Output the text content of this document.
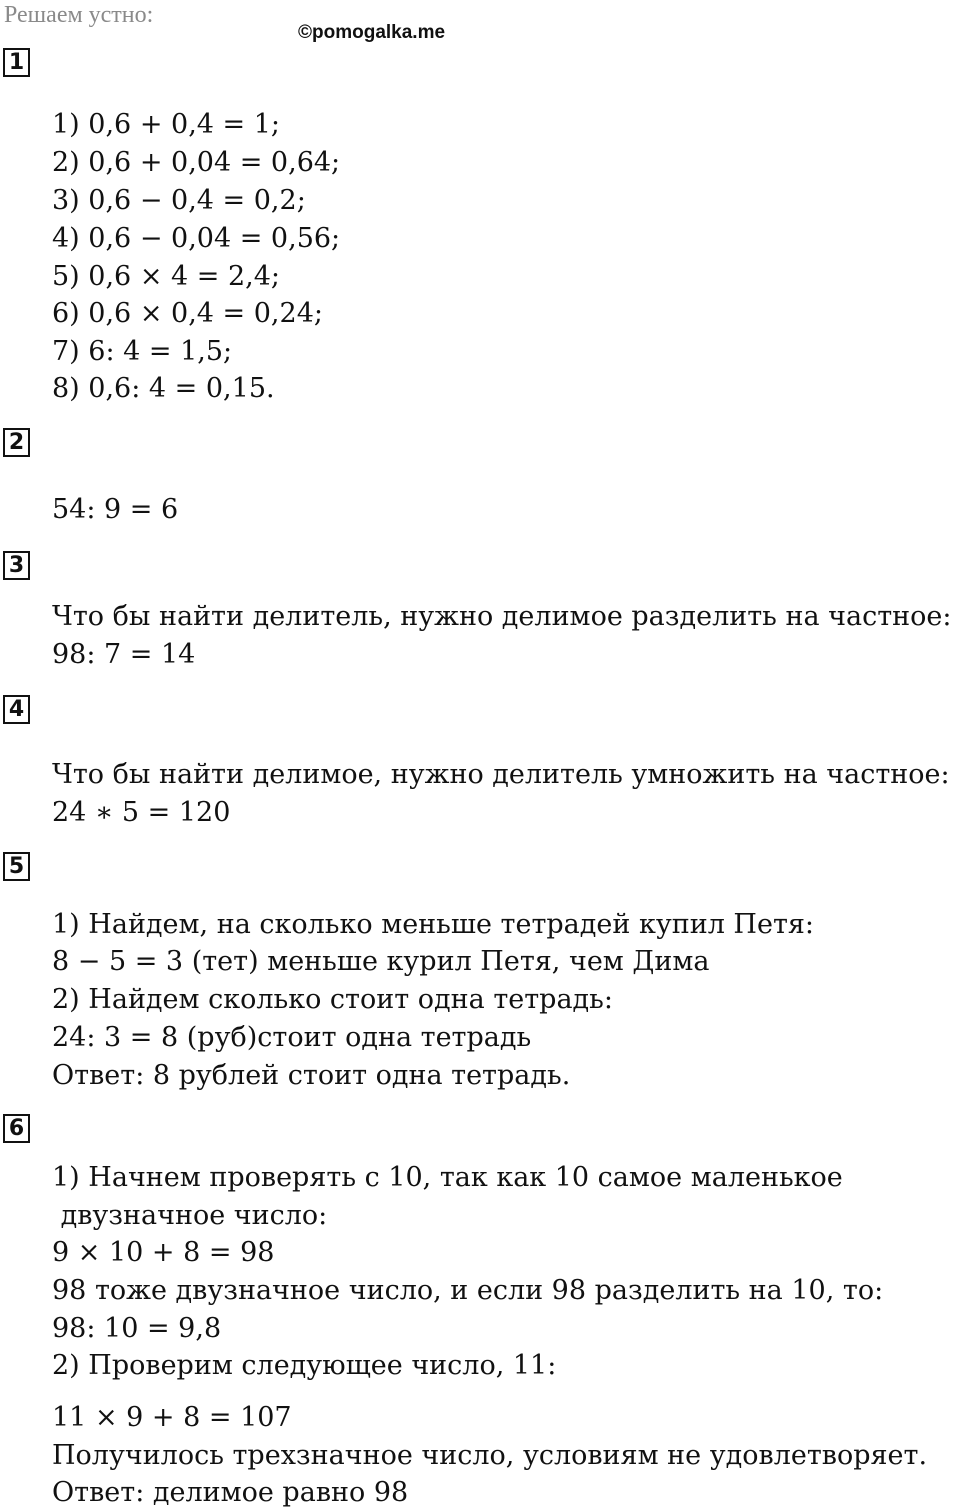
Решаем устно:
©pomogalka.me
1
1) 0,6 + 0,4 = 1;
2) 0,6 + 0,04 = 0,64;
3) 0,6 − 0,4 = 0,2;
4) 0,6 − 0,04 = 0,56;
5) 0,6 × 4 = 2,4;
6) 0,6 × 0,4 = 0,24;
7) 6: 4 = 1,5;
8) 0,6: 4 = 0,15.
2
54: 9 = 6
3
Что бы найти делитель, нужно делимое разделить на частное:
98: 7 = 14
4
Что бы найти делимое, нужно делитель умножить на частное:
24 ∗ 5 = 120
5
1) Найдем, на сколько меньше тетрадей купил Петя:
8 − 5 = 3 (тет) меньше курил Петя, чем Дима
2) Найдем сколько стоит одна тетрадь:
24: 3 = 8 (руб)стоит одна тетрадь
Ответ: 8 рублей стоит одна тетрадь.
6
1) Начнем проверять с 10, так как 10 самое маленькое
двузначное число:
9 × 10 + 8 = 98
98 тоже двузначное число, и если 98 разделить на 10, то:
98: 10 = 9,8
2) Проверим следующее число, 11:
11 × 9 + 8 = 107
Получилось трехзначное число, условиям не удовлетворяет.
Ответ: делимое равно 98
